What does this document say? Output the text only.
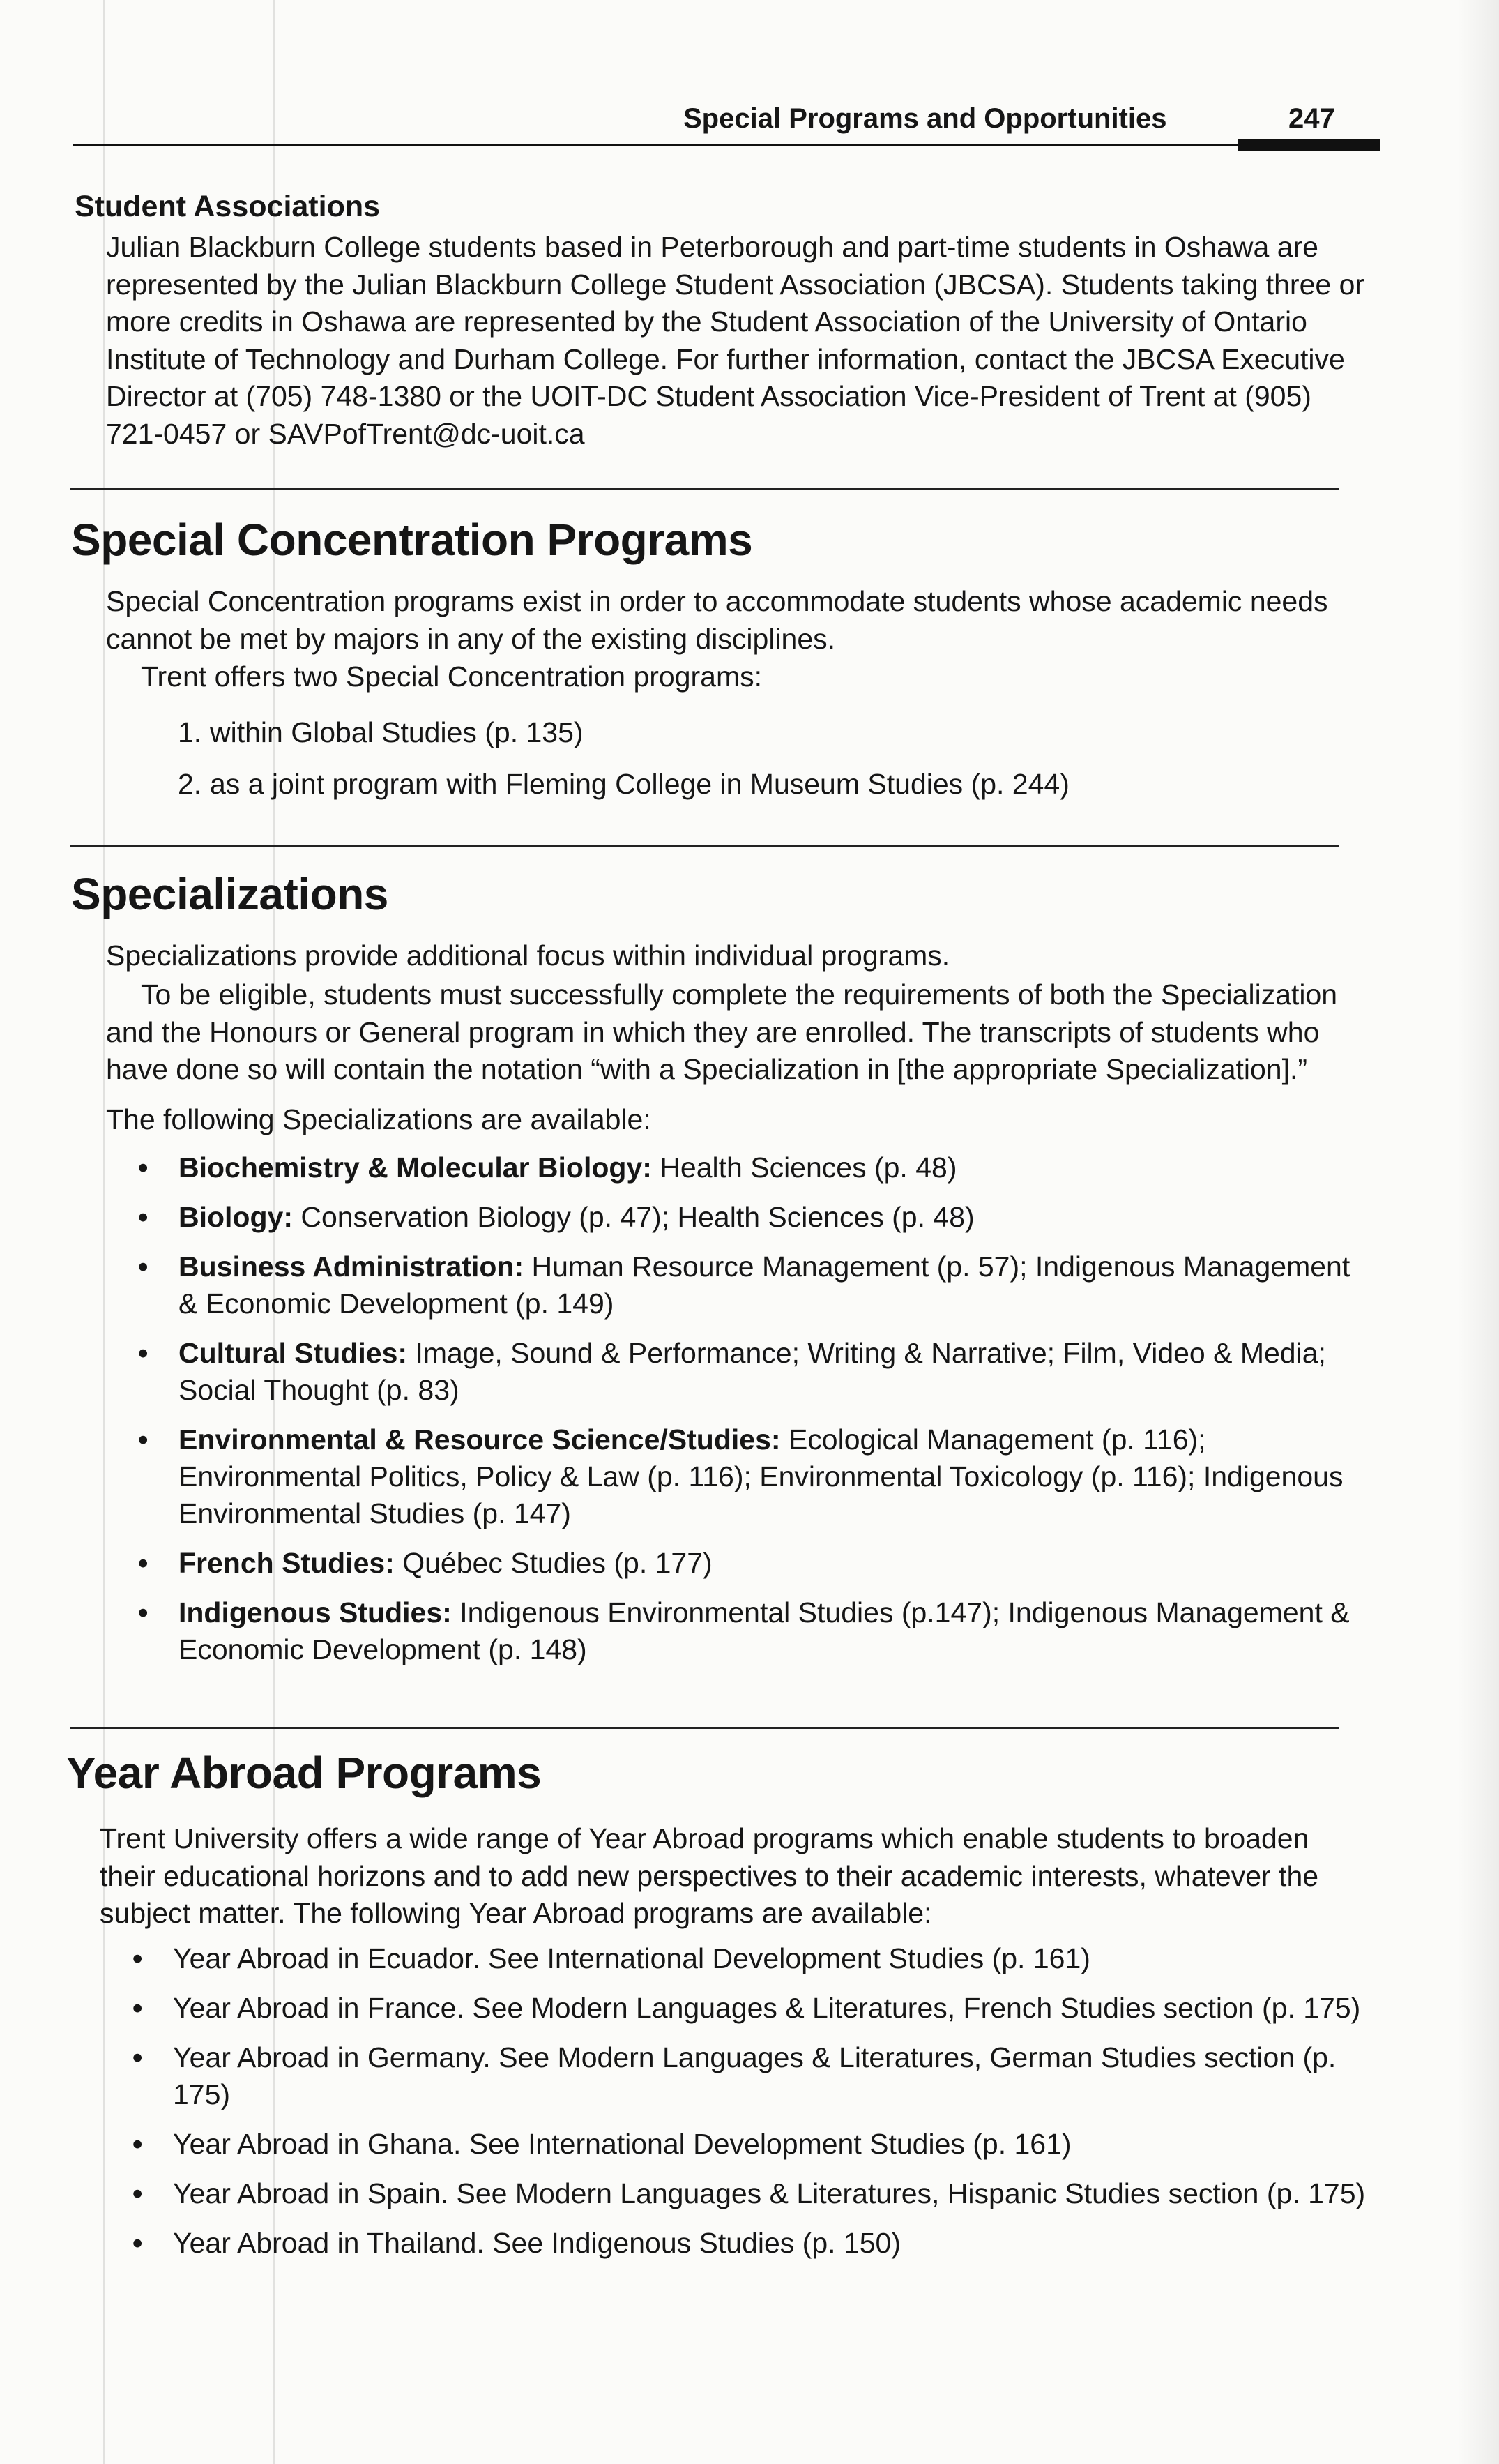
Special Programs and Opportunities	247
Student Associations

Julian Blackburn College students based in Peterborough and part-time students in Oshawa are represented by the Julian Blackburn College Student Association (JBCSA). Students taking three or more credits in Oshawa are represented by the Student Association of the University of Ontario Institute of Technology and Durham College. For further information, contact the JBCSA Executive Director at (705) 748-1380 or the UOIT-DC Student Association Vice-President of Trent at (905) 721-0457 or SAVPofTrent@dc-uoit.ca

Special Concentration Programs

Special Concentration programs exist in order to accommodate students whose academic needs cannot be met by majors in any of the existing disciplines.

Trent offers two Special Concentration programs:

1. within Global Studies (p. 135)
2. as a joint program with Fleming College in Museum Studies (p. 244)
Specializations

Specializations provide additional focus within individual programs.

To be eligible, students must successfully complete the requirements of both the Specialization and the Honours or General program in which they are enrolled. The transcripts of students who have done so will contain the notation “with a Specialization in [the appropriate Specialization].”

The following Specializations are available:

• Biochemistry & Molecular Biology: Health Sciences (p. 48)
• Biology: Conservation Biology (p. 47); Health Sciences (p. 48)
• Business Administration: Human Resource Management (p. 57); Indigenous Management & Economic Development (p. 149)
• Cultural Studies: Image, Sound & Performance; Writing & Narrative; Film, Video & Media; Social Thought (p. 83)
• Environmental & Resource Science/Studies: Ecological Management (p. 116); Environmental Politics, Policy & Law (p. 116); Environmental Toxicology (p. 116); Indigenous Environmental Studies (p. 147)
• French Studies: Québec Studies (p. 177)
• Indigenous Studies: Indigenous Environmental Studies (p.147); Indigenous Management & Economic Development (p. 148)
Year Abroad Programs

Trent University offers a wide range of Year Abroad programs which enable students to broaden their educational horizons and to add new perspectives to their academic interests, whatever the subject matter. The following Year Abroad programs are available:

• Year Abroad in Ecuador. See International Development Studies (p. 161)
• Year Abroad in France. See Modern Languages & Literatures, French Studies section (p. 175)
• Year Abroad in Germany. See Modern Languages & Literatures, German Studies section (p. 175)
• Year Abroad in Ghana. See International Development Studies (p. 161)
• Year Abroad in Spain. See Modern Languages & Literatures, Hispanic Studies section (p. 175)
• Year Abroad in Thailand. See Indigenous Studies (p. 150)
